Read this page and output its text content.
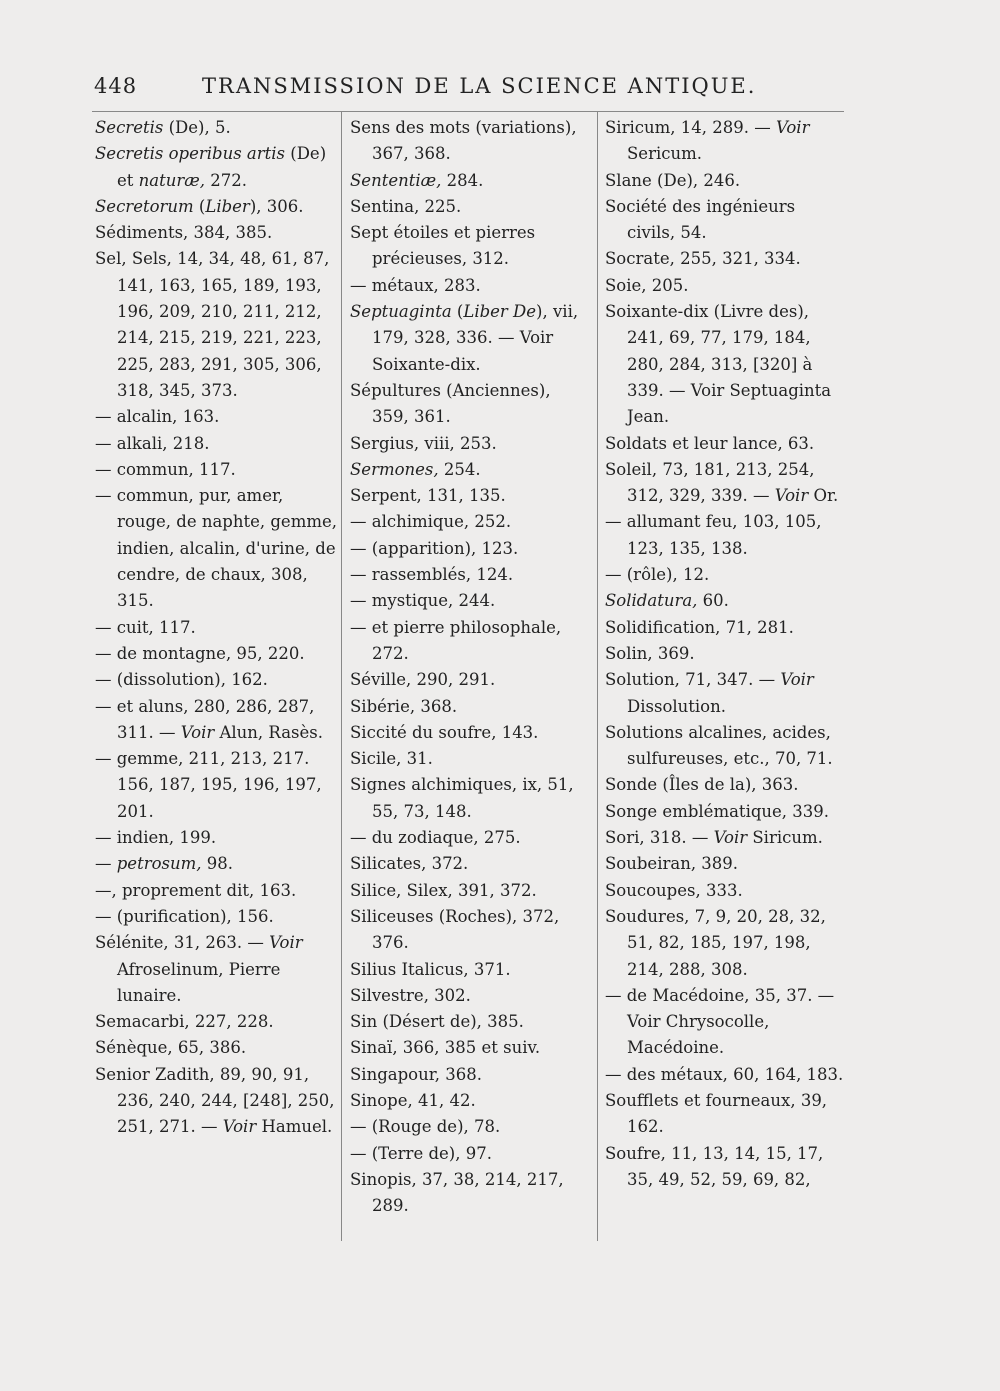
448	TRANSMISSION DE LA SCIENCE ANTIQUE.
Secretis (De), 5.
Secretis operibus artis (De) et naturæ, 272.
Secretorum (Liber), 306.
Sédiments, 384, 385.
Sel, Sels, 14, 34, 48, 61, 87, 141, 163, 165, 189, 193, 196, 209, 210, 211, 212, 214, 215, 219, 221, 223, 225, 283, 291, 305, 306, 318, 345, 373.
— alcalin, 163.
— alkali, 218.
— commun, 117.
— commun, pur, amer, rouge, de naphte, gemme, indien, alcalin, d'urine, de cendre, de chaux, 308, 315.
— cuit, 117.
— de montagne, 95, 220.
— (dissolution), 162.
— et aluns, 280, 286, 287, 311. — Voir Alun, Rasès.
— gemme, 211, 213, 217. 156, 187, 195, 196, 197, 201.
— indien, 199.
— petrosum, 98.
—, proprement dit, 163.
— (purification), 156.
Sélénite, 31, 263. — Voir Afroselinum, Pierre lunaire.
Semacarbi, 227, 228.
Sénèque, 65, 386.
Senior Zadith, 89, 90, 91, 236, 240, 244, [248], 250, 251, 271. — Voir Hamuel.
Sens des mots (variations), 367, 368.
Sententiæ, 284.
Sentina, 225.
Sept étoiles et pierres précieuses, 312.
— métaux, 283.
Septuaginta (Liber De), vii, 179, 328, 336. — Voir Soixante-dix.
Sépultures (Anciennes), 359, 361.
Sergius, viii, 253.
Sermones, 254.
Serpent, 131, 135.
— alchimique, 252.
— (apparition), 123.
— rassemblés, 124.
— mystique, 244.
— et pierre philosophale, 272.
Séville, 290, 291.
Sibérie, 368.
Siccité du soufre, 143.
Sicile, 31.
Signes alchimiques, ix, 51, 55, 73, 148.
— du zodiaque, 275.
Silicates, 372.
Silice, Silex, 391, 372.
Siliceuses (Roches), 372, 376.
Silius Italicus, 371.
Silvestre, 302.
Sin (Désert de), 385.
Sinaï, 366, 385 et suiv.
Singapour, 368.
Sinope, 41, 42.
— (Rouge de), 78.
— (Terre de), 97.
Sinopis, 37, 38, 214, 217, 289.
Siricum, 14, 289. — Voir Sericum.
Slane (De), 246.
Société des ingénieurs civils, 54.
Socrate, 255, 321, 334.
Soie, 205.
Soixante-dix (Livre des), 241, 69, 77, 179, 184, 280, 284, 313, [320] à 339. — Voir Septuaginta Jean.
Soldats et leur lance, 63.
Soleil, 73, 181, 213, 254, 312, 329, 339. — Voir Or.
— allumant feu, 103, 105, 123, 135, 138.
— (rôle), 12.
Solidatura, 60.
Solidification, 71, 281.
Solin, 369.
Solution, 71, 347. — Voir Dissolution.
Solutions alcalines, acides, sulfureuses, etc., 70, 71.
Sonde (Îles de la), 363.
Songe emblématique, 339.
Sori, 318. — Voir Siricum.
Soubeiran, 389.
Soucoupes, 333.
Soudures, 7, 9, 20, 28, 32, 51, 82, 185, 197, 198, 214, 288, 308.
— de Macédoine, 35, 37. — Voir Chrysocolle, Macédoine.
— des métaux, 60, 164, 183.
Soufflets et fourneaux, 39, 162.
Soufre, 11, 13, 14, 15, 17, 35, 49, 52, 59, 69, 82,
